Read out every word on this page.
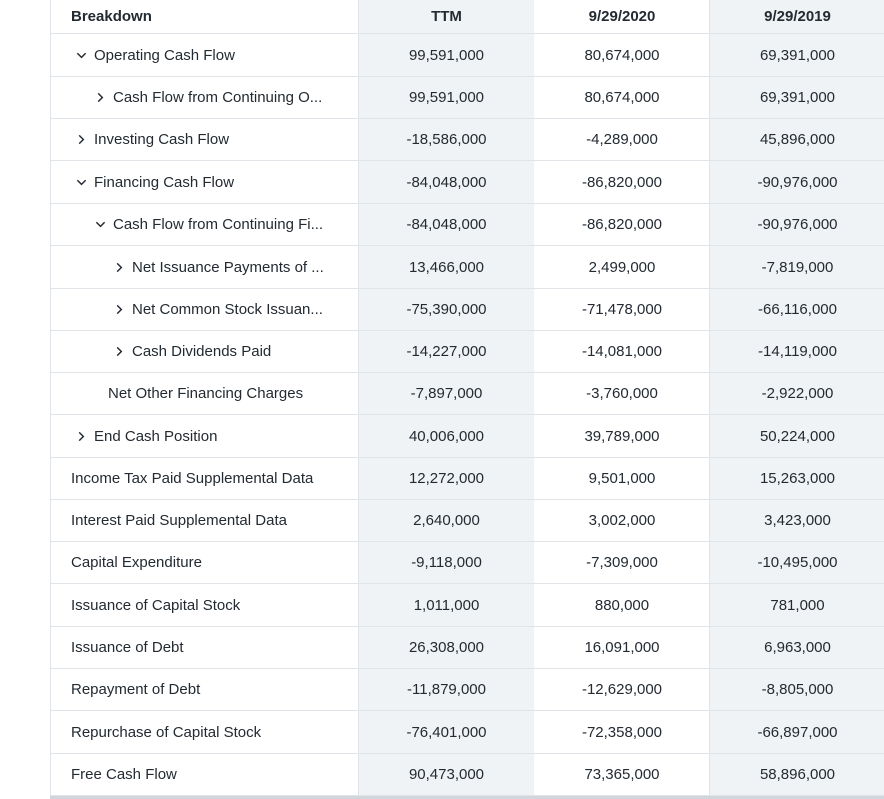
Breakdown	TTM	9/29/2020	9/29/2019
Operating Cash Flow	99,591,000	80,674,000	69,391,000
Cash Flow from Continuing O...	99,591,000	80,674,000	69,391,000
Investing Cash Flow	-18,586,000	-4,289,000	45,896,000
Financing Cash Flow	-84,048,000	-86,820,000	-90,976,000
Cash Flow from Continuing Fi...	-84,048,000	-86,820,000	-90,976,000
Net Issuance Payments of ...	13,466,000	2,499,000	-7,819,000
Net Common Stock Issuan...	-75,390,000	-71,478,000	-66,116,000
Cash Dividends Paid	-14,227,000	-14,081,000	-14,119,000
Net Other Financing Charges	-7,897,000	-3,760,000	-2,922,000
End Cash Position	40,006,000	39,789,000	50,224,000
Income Tax Paid Supplemental Data	12,272,000	9,501,000	15,263,000
Interest Paid Supplemental Data	2,640,000	3,002,000	3,423,000
Capital Expenditure	-9,118,000	-7,309,000	-10,495,000
Issuance of Capital Stock	1,011,000	880,000	781,000
Issuance of Debt	26,308,000	16,091,000	6,963,000
Repayment of Debt	-11,879,000	-12,629,000	-8,805,000
Repurchase of Capital Stock	-76,401,000	-72,358,000	-66,897,000
Free Cash Flow	90,473,000	73,365,000	58,896,000
